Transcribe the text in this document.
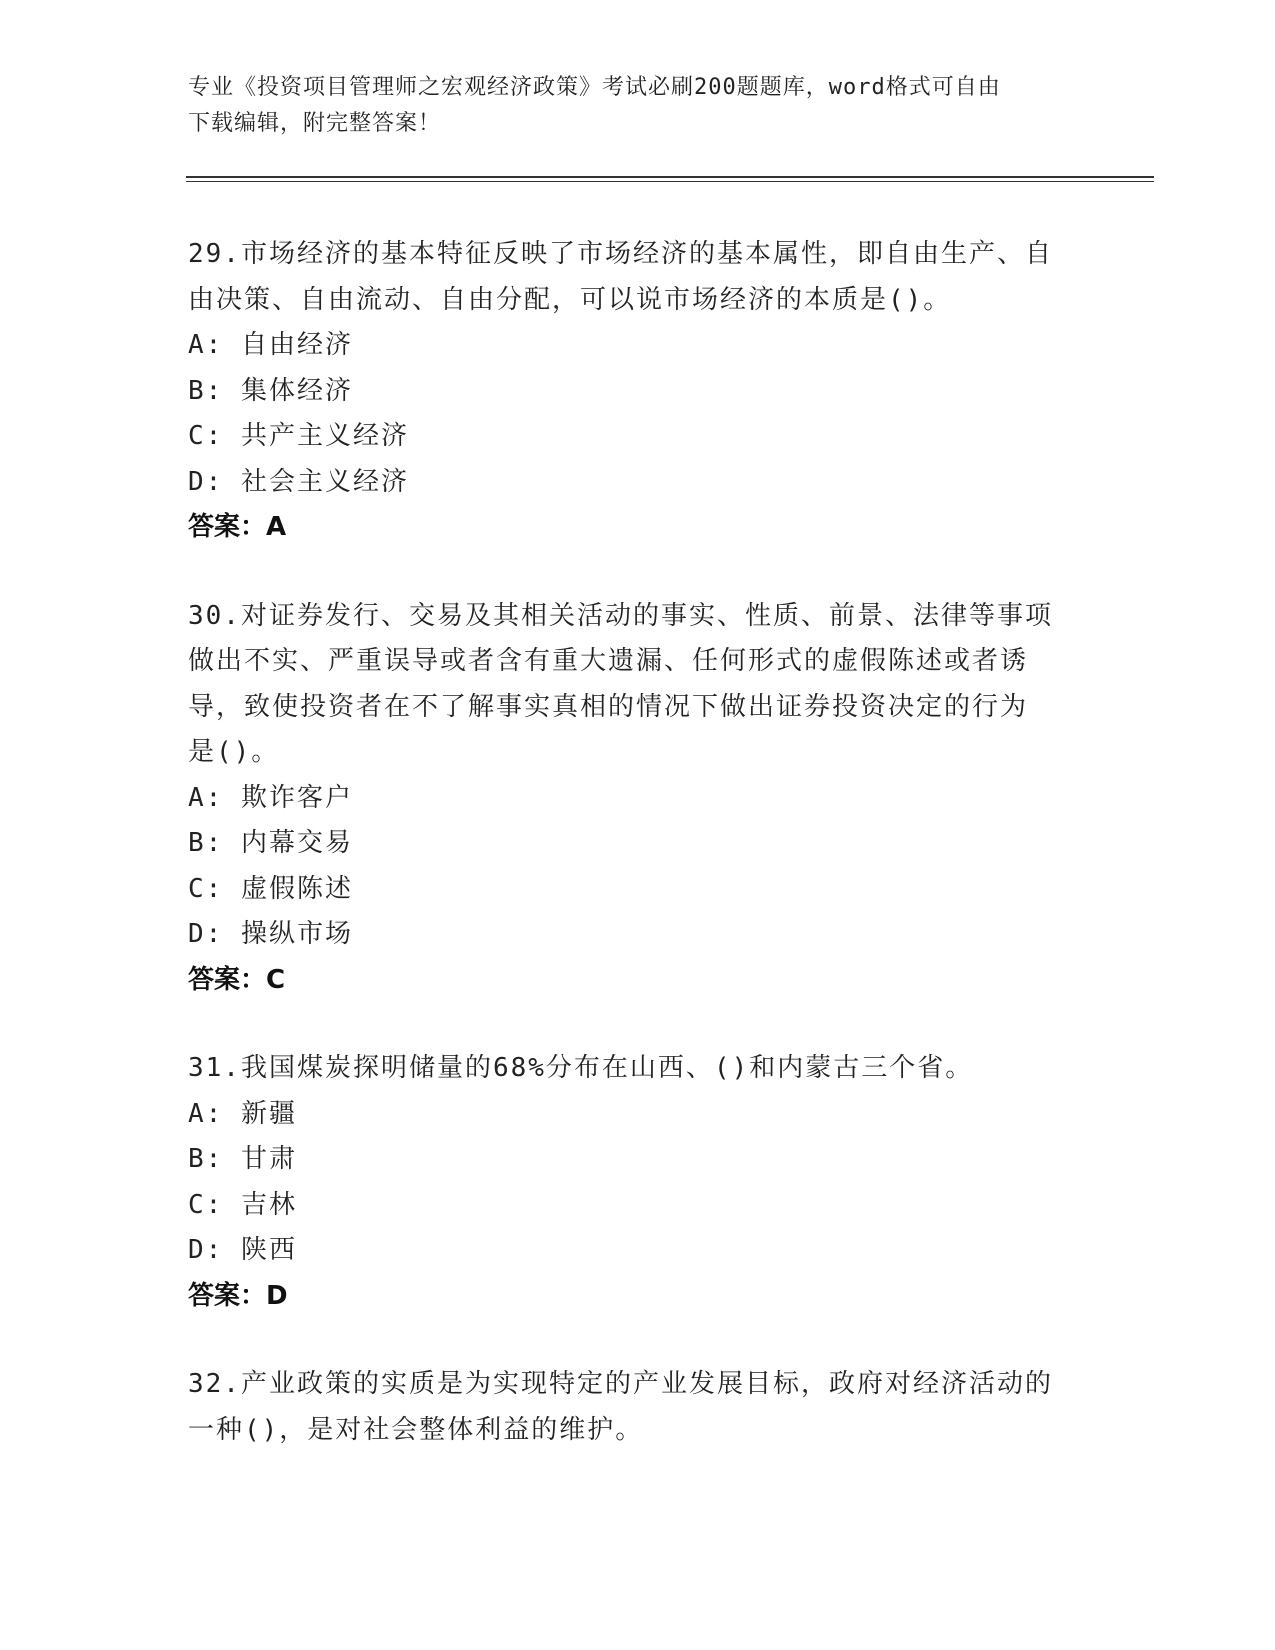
专业《投资项目管理师之宏观经济政策》考试必刷200题题库，word格式可自由
下载编辑，附完整答案！

29.市场经济的基本特征反映了市场经济的基本属性，即自由生产、自

由决策、自由流动、自由分配，可以说市场经济的本质是()。

A: 自由经济

B: 集体经济

C: 共产主义经济

D: 社会主义经济

答案：A

30.对证券发行、交易及其相关活动的事实、性质、前景、法律等事项

做出不实、严重误导或者含有重大遗漏、任何形式的虚假陈述或者诱

导，致使投资者在不了解事实真相的情况下做出证券投资决定的行为

是()。

A: 欺诈客户

B: 内幕交易

C: 虚假陈述

D: 操纵市场

答案：C

31.我国煤炭探明储量的68%分布在山西、()和内蒙古三个省。

A: 新疆

B: 甘肃

C: 吉林

D: 陕西

答案：D

32.产业政策的实质是为实现特定的产业发展目标，政府对经济活动的

一种()，是对社会整体利益的维护。
